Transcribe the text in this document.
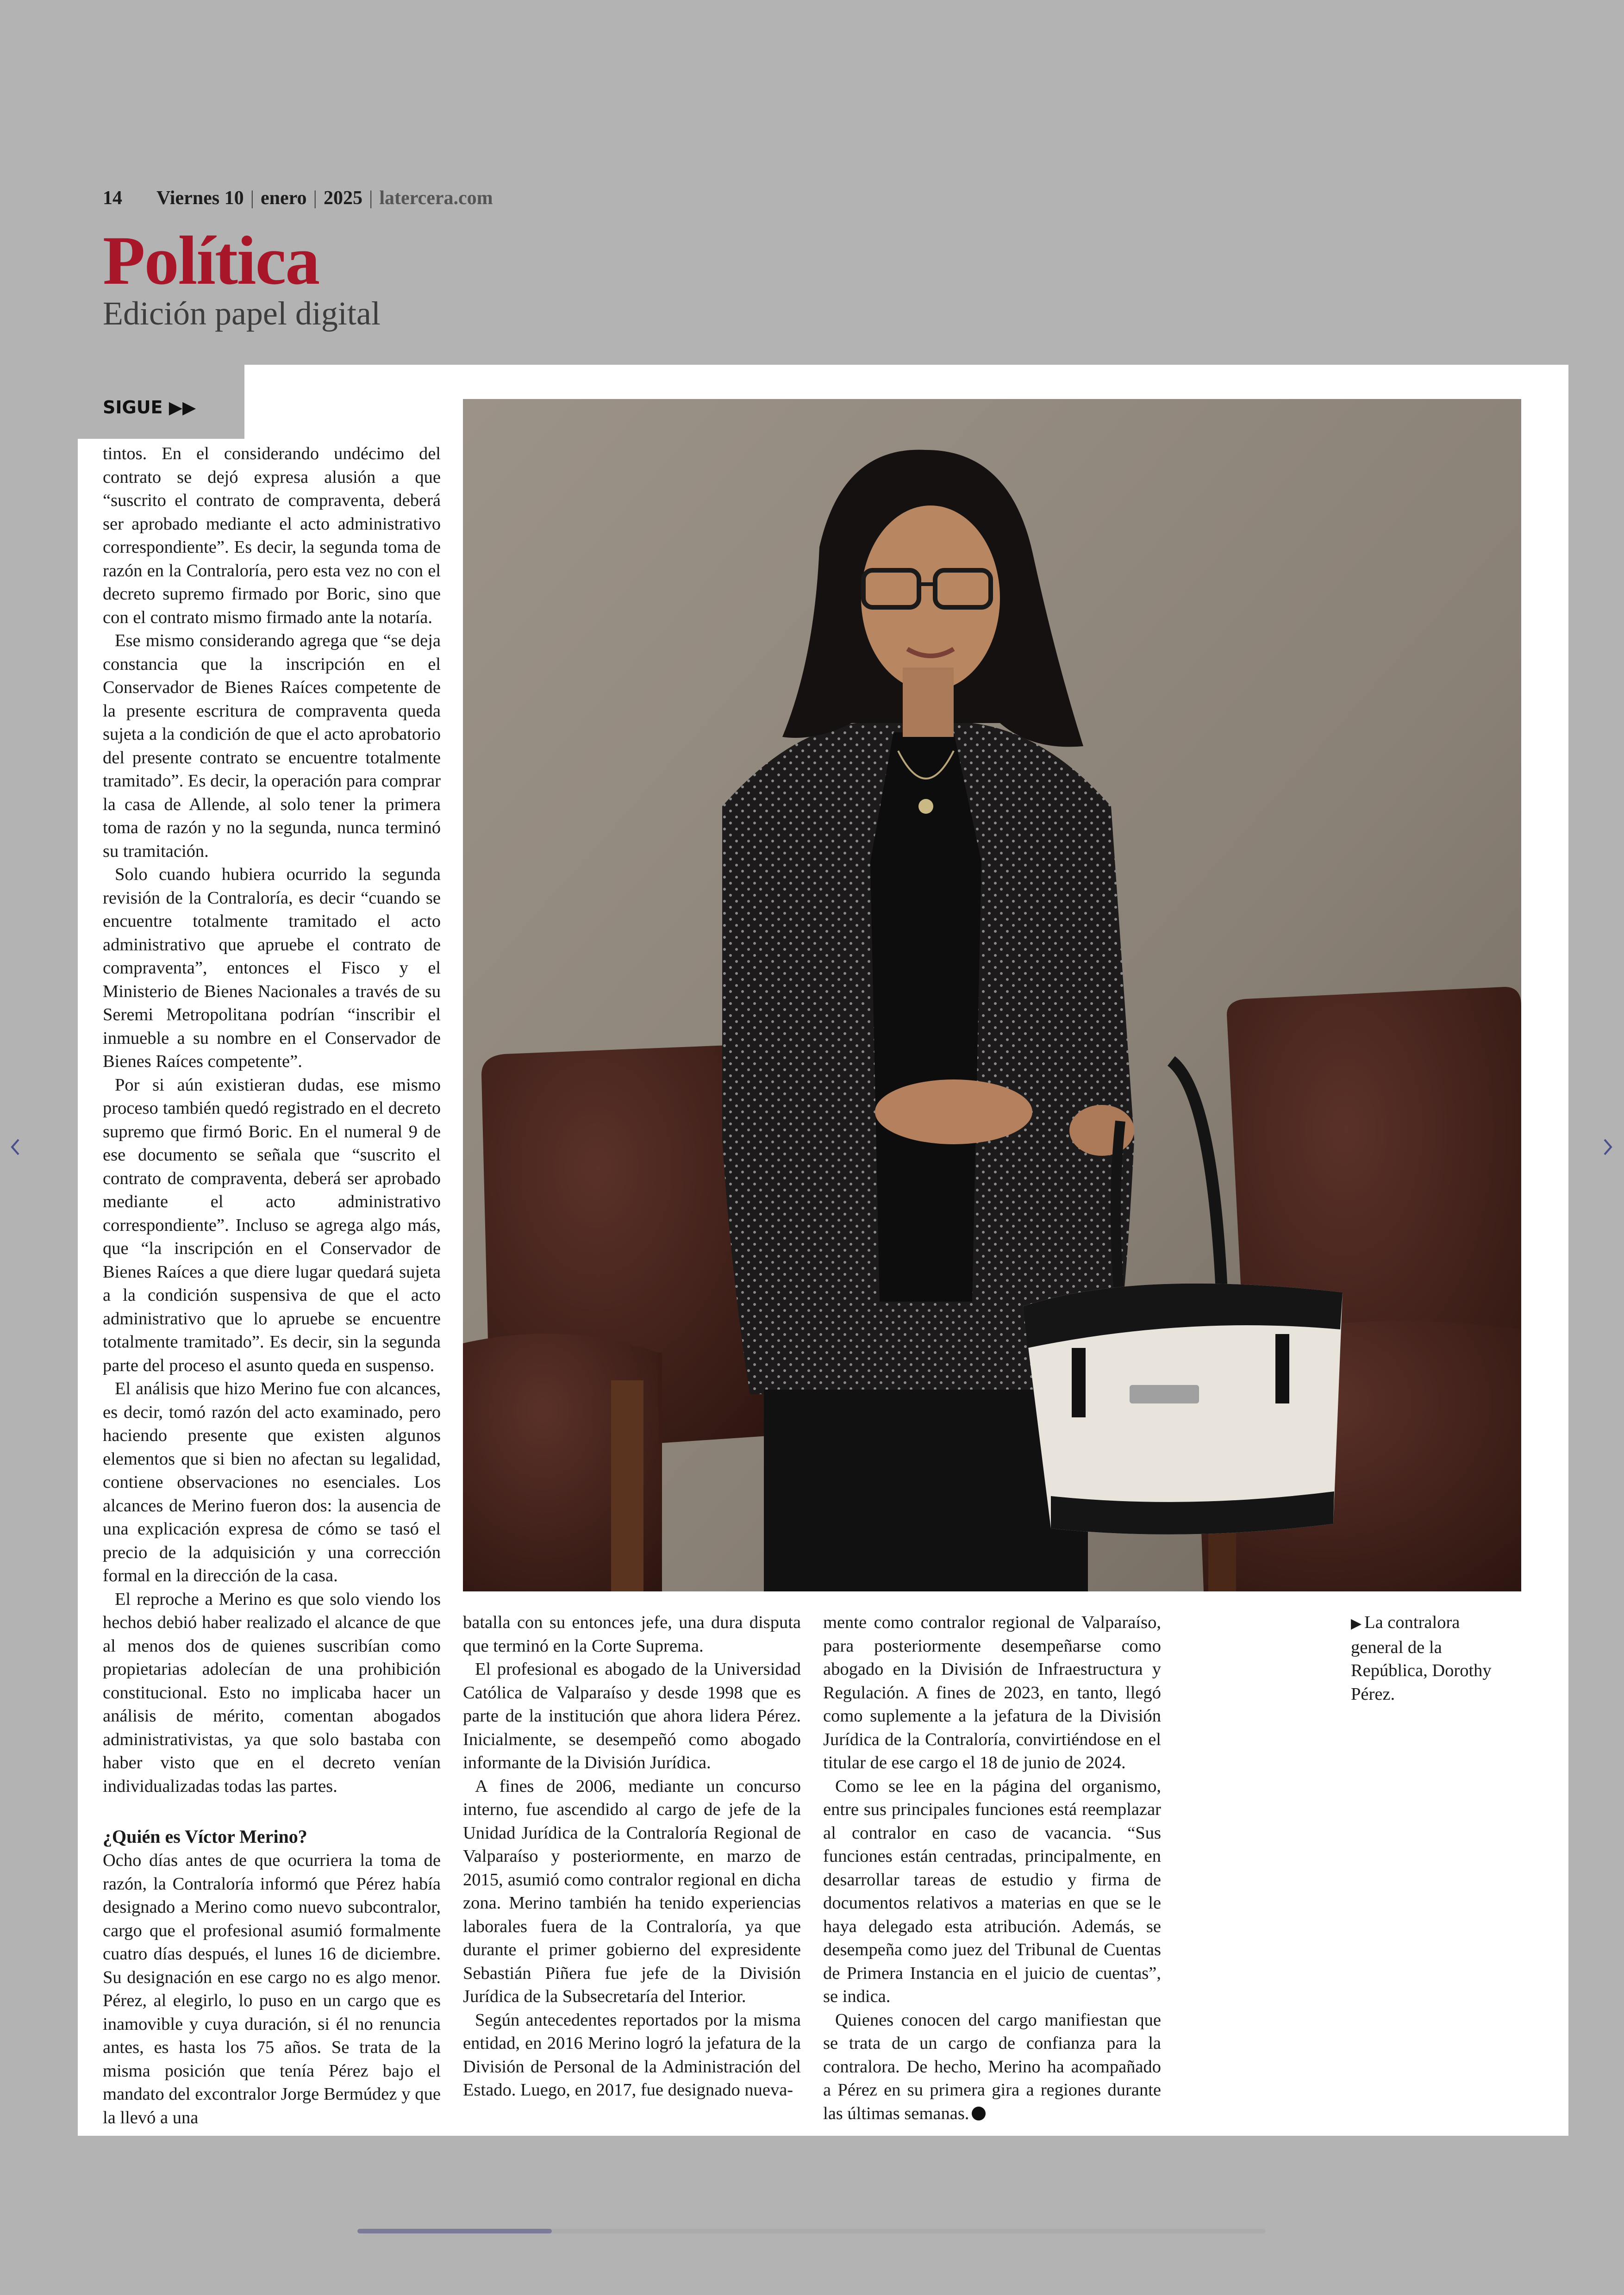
14 Viernes 10 | enero | 2025 | latercera.com
Política
Edición papel digital
SIGUE ▶▶

tintos. En el considerando undécimo del contrato se dejó expresa alusión a que “suscrito el contrato de compraventa, deberá ser aprobado mediante el acto administrativo correspondiente”. Es decir, la segunda toma de razón en la Contraloría, pero esta vez no con el decreto supremo firmado por Boric, sino que con el contrato mismo firmado ante la notaría.

Ese mismo considerando agrega que “se deja constancia que la inscripción en el Conservador de Bienes Raíces competente de la presente escritura de compraventa queda sujeta a la condición de que el acto aprobatorio del presente contrato se encuentre totalmente tramitado”. Es decir, la operación para comprar la casa de Allende, al solo tener la primera toma de razón y no la segunda, nunca terminó su tramitación.

Solo cuando hubiera ocurrido la segunda revisión de la Contraloría, es decir “cuando se encuentre totalmente tramitado el acto administrativo que apruebe el contrato de compraventa”, entonces el Fisco y el Ministerio de Bienes Nacionales a través de su Seremi Metropolitana podrían “inscribir el inmueble a su nombre en el Conservador de Bienes Raíces competente”.

Por si aún existieran dudas, ese mismo proceso también quedó registrado en el decreto supremo que firmó Boric. En el numeral 9 de ese documento se señala que “suscrito el contrato de compraventa, deberá ser aprobado mediante el acto administrativo correspondiente”. Incluso se agrega algo más, que “la inscripción en el Conservador de Bienes Raíces a que diere lugar quedará sujeta a la condición suspensiva de que el acto administrativo que lo apruebe se encuentre totalmente tramitado”. Es decir, sin la segunda parte del proceso el asunto queda en suspenso.

El análisis que hizo Merino fue con alcances, es decir, tomó razón del acto examinado, pero haciendo presente que existen algunos elementos que si bien no afectan su legalidad, contiene observaciones no esenciales. Los alcances de Merino fueron dos: la ausencia de una explicación expresa de cómo se tasó el precio de la adquisición y una corrección formal en la dirección de la casa.

El reproche a Merino es que solo viendo los hechos debió haber realizado el alcance de que al menos dos de quienes suscribían como propietarias adolecían de una prohibición constitucional. Esto no implicaba hacer un análisis de mérito, comentan abogados administrativistas, ya que solo bastaba con haber visto que en el decreto venían individualizadas todas las partes.

¿Quién es Víctor Merino?

Ocho días antes de que ocurriera la toma de razón, la Contraloría informó que Pérez había designado a Merino como nuevo subcontralor, cargo que el profesional asumió formalmente cuatro días después, el lunes 16 de diciembre. Su designación en ese cargo no es algo menor. Pérez, al elegirlo, lo puso en un cargo que es inamovible y cuya duración, si él no renuncia antes, es hasta los 75 años. Se trata de la misma posición que tenía Pérez bajo el mandato del excontralor Jorge Bermúdez y que la llevó a una

batalla con su entonces jefe, una dura disputa que terminó en la Corte Suprema.

El profesional es abogado de la Universidad Católica de Valparaíso y desde 1998 que es parte de la institución que ahora lidera Pérez. Inicialmente, se desempeñó como abogado informante de la División Jurídica.

A fines de 2006, mediante un concurso interno, fue ascendido al cargo de jefe de la Unidad Jurídica de la Contraloría Regional de Valparaíso y posteriormente, en marzo de 2015, asumió como contralor regional en dicha zona. Merino también ha tenido experiencias laborales fuera de la Contraloría, ya que durante el primer gobierno del expresidente Sebastián Piñera fue jefe de la División Jurídica de la Subsecretaría del Interior.

Según antecedentes reportados por la misma entidad, en 2016 Merino logró la jefatura de la División de Personal de la Administración del Estado. Luego, en 2017, fue designado nueva-

mente como contralor regional de Valparaíso, para posteriormente desempeñarse como abogado en la División de Infraestructura y Regulación. A fines de 2023, en tanto, llegó como suplemente a la jefatura de la División Jurídica de la Contraloría, convirtiéndose en el titular de ese cargo el 18 de junio de 2024.

Como se lee en la página del organismo, entre sus principales funciones está reemplazar al contralor en caso de vacancia. “Sus funciones están centradas, principalmente, en desarrollar tareas de estudio y firma de documentos relativos a materias en que se le haya delegado esta atribución. Además, se desempeña como juez del Tribunal de Cuentas de Primera Instancia en el juicio de cuentas”, se indica.

Quienes conocen del cargo manifiestan que se trata de un cargo de confianza para la contralora. De hecho, Merino ha acompañado a Pérez en su primera gira a regiones durante las últimas semanas.

▶ La contralora general de la República, Dorothy Pérez.
